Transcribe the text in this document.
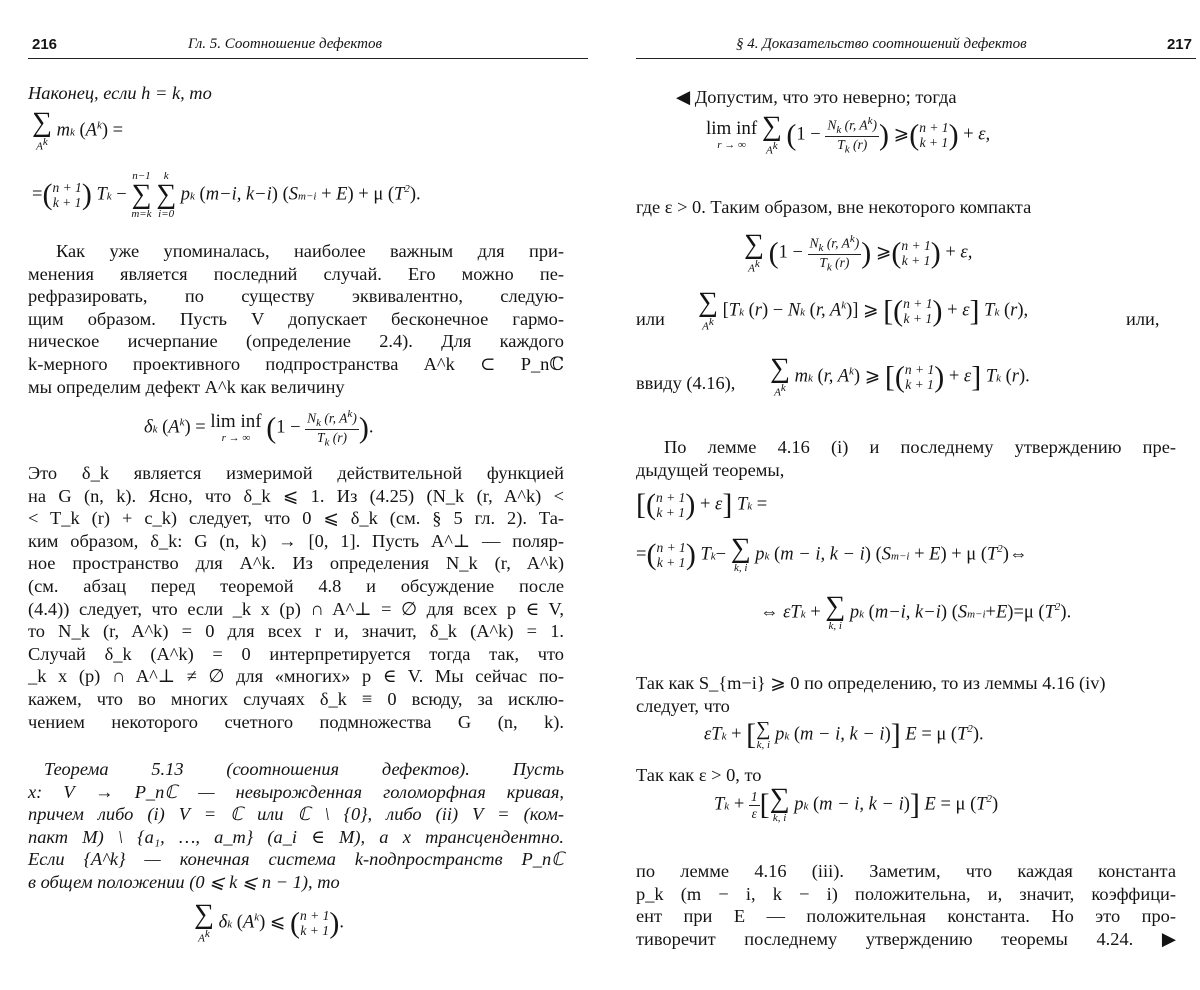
216	Гл. 5. Соотношение дефектов
Наконец, если h = k, то
∑
$A^k$
mk $(A^k)$ =
=(n + 1
k + 1) Tk −
n−1
∑
m=k

k
∑
i=0
pk (m−i, k−i) (Sm−i + E) + μ $(T^2)$.
Как уже упоминалась, наиболее важным для при-
менения является последний случай. Его можно пе-
рефразировать, по существу эквивалентно, следую-
щим образом. Пусть V допускает бесконечное гармо-
ническое исчерпание (определение 2.4). Для каждого
k-мерного проективного подпространства A^k ⊂ P_nℂ
мы определим дефект A^k как величину
δk $(A^k) = \lim$ inf
r → ∞ ($1 - \frac{N_k (r, A^k)}{T_k (r)}$ ).
Это δ_k является измеримой действительной функцией
на G (n, k). Ясно, что δ_k ⩽ 1. Из (4.25) (N_k (r, A^k) <
< T_k (r) + c_k) следует, что 0 ⩽ δ_k (см. § 5 гл. 2). Та-
ким образом, δ_k: G (n, k) → [0, 1]. Пусть A^⊥ — поляр-
ное пространство для A^k. Из определения N_k (r, A^k)
(см. абзац перед теоремой 4.8 и обсуждение после
(4.4)) следует, что если _k x (p) ∩ A^⊥ = ∅ для всех p ∈ V,
то N_k (r, A^k) = 0 для всех r и, значит, δ_k (A^k) = 1.
Случай δ_k (A^k) = 0 интерпретируется тогда так, что
_k x (p) ∩ A^⊥ ≠ ∅ для «многих» p ∈ V. Мы сейчас по-
кажем, что во многих случаях δ_k ≡ 0 всюду, за исклю-
чением некоторого счетного подмножества G (n, k).
Теорема 5.13 (соотношения дефектов). Пусть
x: V → P_nℂ — невырожденная голоморфная кривая,
причем либо (i) V = ℂ или ℂ \ {0}, либо (ii) V = (ком-
пакт M) \ {a₁, …, a_m} (a_i ∈ M), а x трансцендентно.
Если {A^k} — конечная система k-подпространств P_nℂ
в общем положении (0 ⩽ k ⩽ n − 1), то
∑
$A^k$
δk $(A^k)$ ⩽ (n + 1
k + 1).
§ 4. Доказательство соотношений дефектов	217
◀ Допустим, что это неверно; тогда
lim inf
r → ∞

∑
$A^k$ ($1 - \frac{N_k (r, A^k)}{T_k (r)}$ ) ⩾(n + 1
k + 1) + ε,
где ε > 0. Таким образом, вне некоторого компакта
∑
$A^k$ ($1 - \frac{N_k (r, A^k)}{T_k (r)}$ ) ⩾(n + 1
k + 1) + ε,
или
∑
$A^k$
[Tk (r) − Nk (r, $A^k$)] ⩾ [(n + 1
k + 1) + ε] Tk (r),	или,
ввиду (4.16), ∑
$A^k$
mk (r, $A^k$) ⩾ [(n + 1
k + 1) + ε] Tk (r).
По лемме 4.16 (i) и последнему утверждению пре-
дыдущей теоремы,
[(n + 1
k + 1) + ε] Tk =
=(n + 1
k + 1) Tk− ∑
k, i
pk (m − i, k − i) (Sm−i + E) + μ $(T^2)\Leftrightarrow$
⇔ εTk + ∑
k, i
pk (m−i, k−i) (Sm−i+E)=μ $(T^2)$.
Так как S_{m−i} ⩾ 0 по определению, то из леммы 4.16 (iv)
следует, что
εTk + [ ∑
k, i
pk (m − i, k − i)] E = μ $(T^2)$.
Так как ε > 0, то
$Tk + \frac{1}{\varepsilon}$ [ ∑
k, i
pk (m − i, k − i)] E = μ $(T^2)$
по лемме 4.16 (iii). Заметим, что каждая константа
p_k (m − i, k − i) положительна, и, значит, коэффици-
ент при E — положительная константа. Но это про-
тиворечит последнему утверждению теоремы 4.24. ▶
